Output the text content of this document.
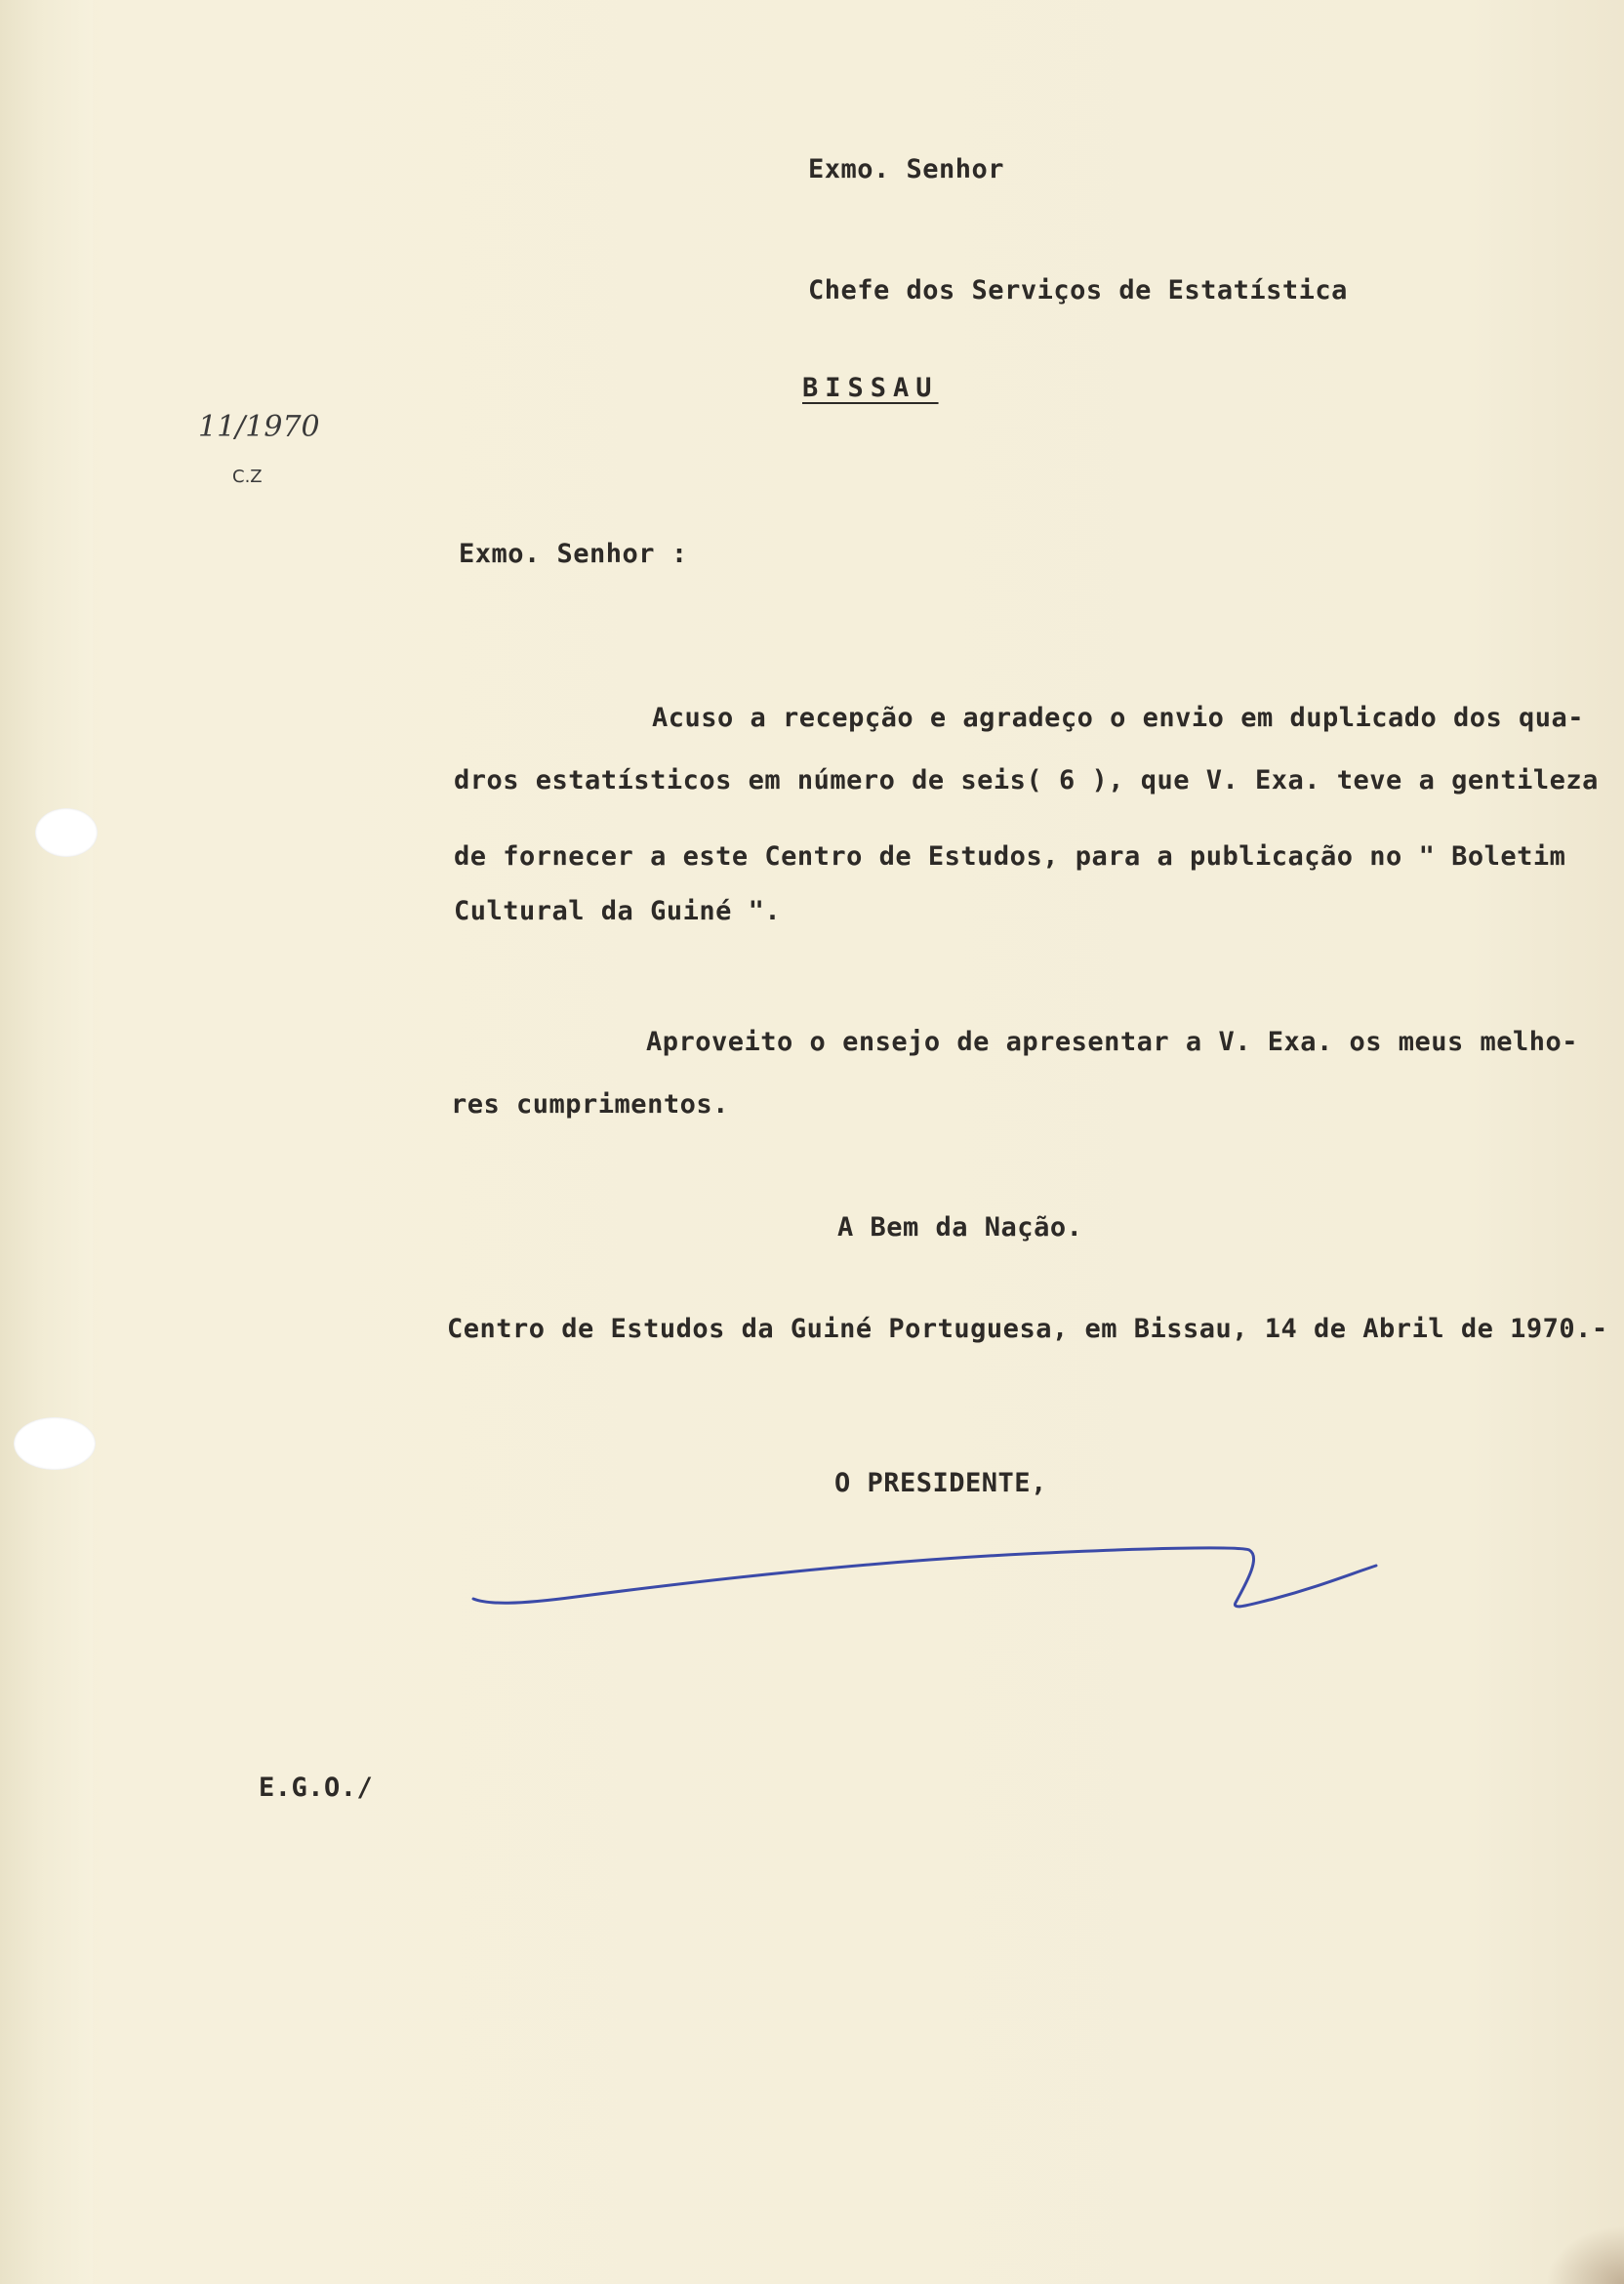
Exmo. Senhor
Chefe dos Serviços de Estatística
BISSAU
11/1970
C.Z
Exmo. Senhor :
Acuso a recepção e agradeço o envio em duplicado dos qua-
dros estatísticos em número de seis( 6 ), que V. Exa. teve a gentileza
de fornecer a este Centro de Estudos, para a publicação no " Boletim
Cultural da Guiné ".
Aproveito o ensejo de apresentar a V. Exa. os meus melho-
res cumprimentos.
A Bem da Nação.
Centro de Estudos da Guiné Portuguesa, em Bissau, 14 de Abril de 1970.-
O PRESIDENTE,
E.G.O./
